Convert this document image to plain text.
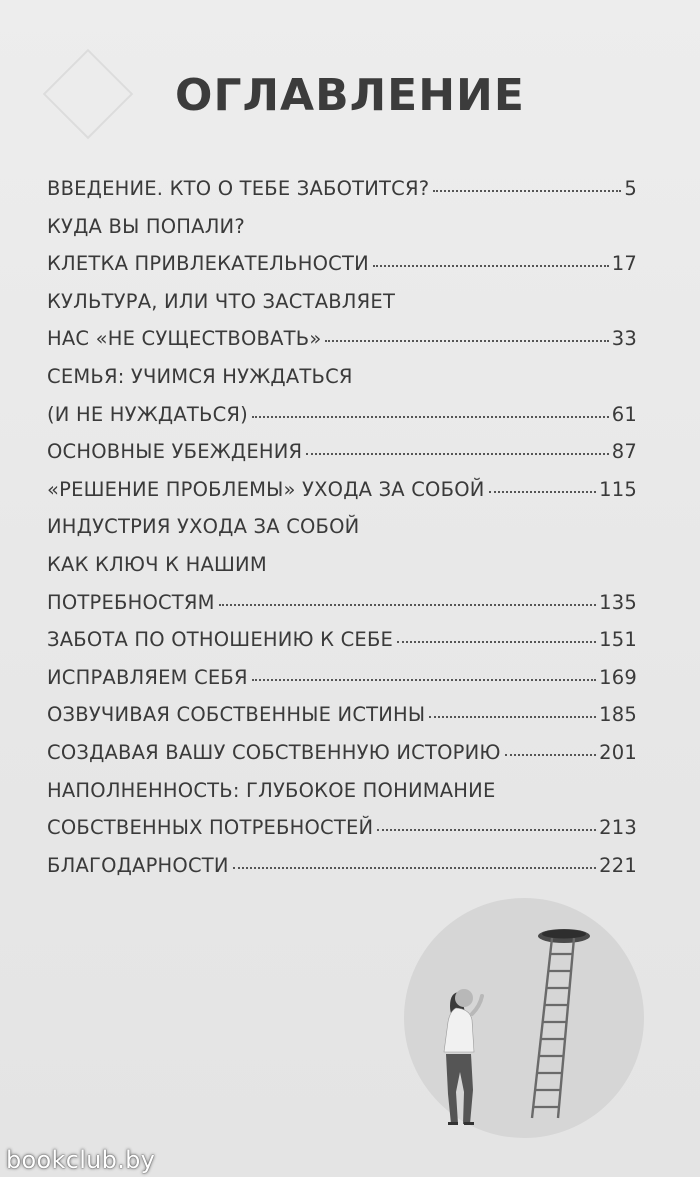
ОГЛАВЛЕНИЕ
ВВЕДЕНИЕ. КТО О ТЕБЕ ЗАБОТИТСЯ?	5
КУДА ВЫ ПОПАЛИ?
КЛЕТКА ПРИВЛЕКАТЕЛЬНОСТИ	17
КУЛЬТУРА, ИЛИ ЧТО ЗАСТАВЛЯЕТ
НАС «НЕ СУЩЕСТВОВАТЬ»	33
СЕМЬЯ: УЧИМСЯ НУЖДАТЬСЯ
(И НЕ НУЖДАТЬСЯ)	61
ОСНОВНЫЕ УБЕЖДЕНИЯ	87
«РЕШЕНИЕ ПРОБЛЕМЫ» УХОДА ЗА СОБОЙ	115
ИНДУСТРИЯ УХОДА ЗА СОБОЙ
КАК КЛЮЧ К НАШИМ
ПОТРЕБНОСТЯМ	135
ЗАБОТА ПО ОТНОШЕНИЮ К СЕБЕ	151
ИСПРАВЛЯЕМ СЕБЯ	169
ОЗВУЧИВАЯ СОБСТВЕННЫЕ ИСТИНЫ	185
СОЗДАВАЯ ВАШУ СОБСТВЕННУЮ ИСТОРИЮ	201
НАПОЛНЕННОСТЬ: ГЛУБОКОЕ ПОНИМАНИЕ
СОБСТВЕННЫХ ПОТРЕБНОСТЕЙ	213
БЛАГОДАРНОСТИ	221
bookclub.by
